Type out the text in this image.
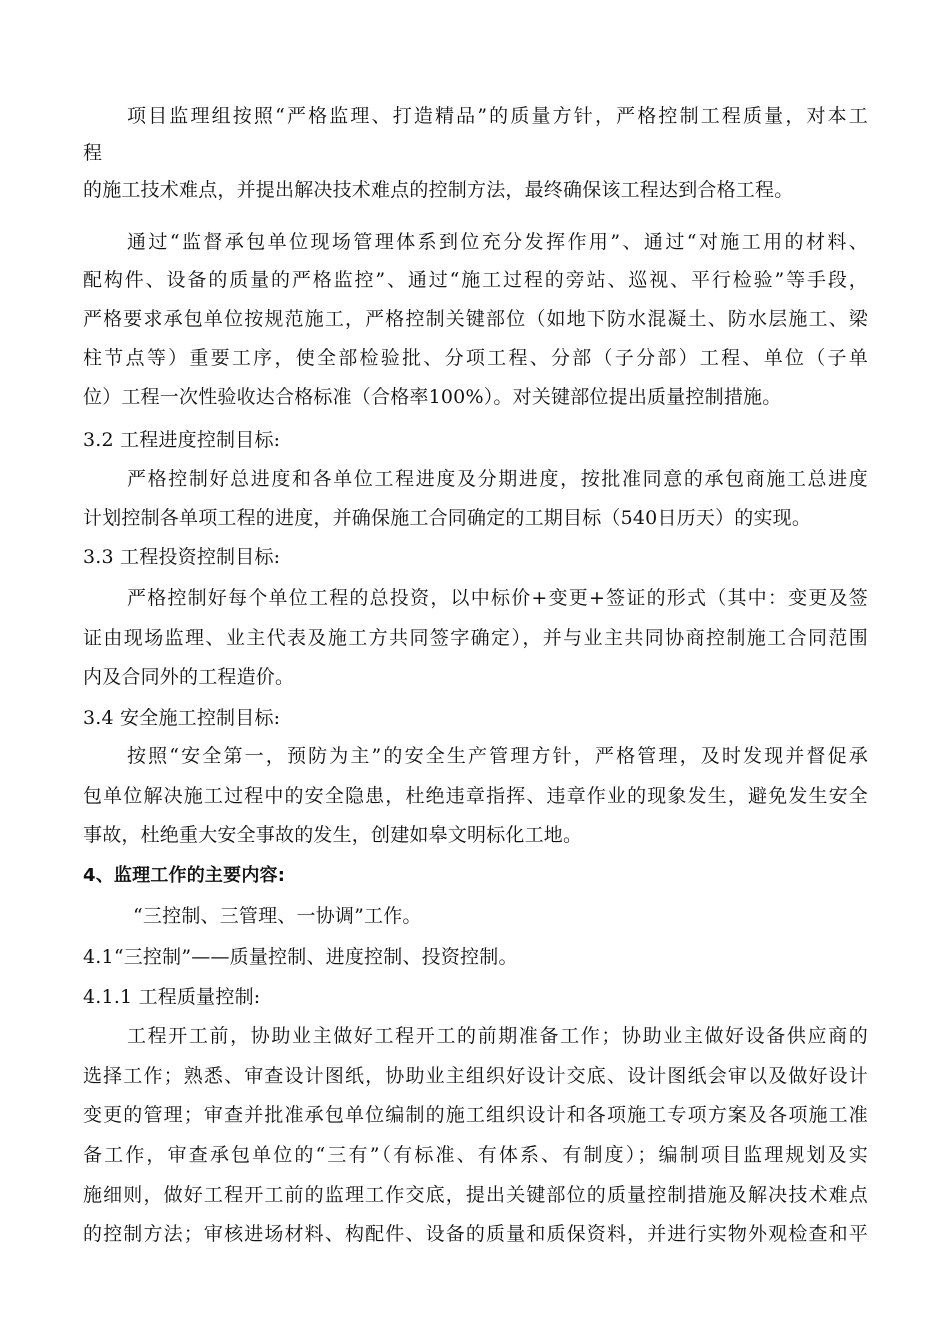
项目监理组按照“严格监理、打造精品”的质量方针，严格控制工程质量，对本工
程
的施工技术难点，并提出解决技术难点的控制方法，最终确保该工程达到合格工程。
通过“监督承包单位现场管理体系到位充分发挥作用”、通过“对施工用的材料、
配构件、设备的质量的严格监控”、通过“施工过程的旁站、巡视、平行检验”等手段，
严格要求承包单位按规范施工，严格控制关键部位（如地下防水混凝土、防水层施工、梁
柱节点等）重要工序，使全部检验批、分项工程、分部（子分部）工程、单位（子单
位）工程一次性验收达合格标准（合格率100%）。对关键部位提出质量控制措施。
3.2 工程进度控制目标:
严格控制好总进度和各单位工程进度及分期进度，按批准同意的承包商施工总进度
计划控制各单项工程的进度，并确保施工合同确定的工期目标（540日历天）的实现。
3.3 工程投资控制目标:
严格控制好每个单位工程的总投资，以中标价+变更+签证的形式（其中：变更及签
证由现场监理、业主代表及施工方共同签字确定），并与业主共同协商控制施工合同范围
内及合同外的工程造价。
3.4 安全施工控制目标:
按照“安全第一，预防为主”的安全生产管理方针，严格管理，及时发现并督促承
包单位解决施工过程中的安全隐患，杜绝违章指挥、违章作业的现象发生，避免发生安全
事故，杜绝重大安全事故的发生，创建如皋文明标化工地。
4、监理工作的主要内容:
“三控制、三管理、一协调”工作。
4.1“三控制”——质量控制、进度控制、投资控制。
4.1.1 工程质量控制:
工程开工前，协助业主做好工程开工的前期准备工作；协助业主做好设备供应商的
选择工作；熟悉、审查设计图纸，协助业主组织好设计交底、设计图纸会审以及做好设计
变更的管理；审查并批准承包单位编制的施工组织设计和各项施工专项方案及各项施工准
备工作，审查承包单位的“三有”（有标准、有体系、有制度）；编制项目监理规划及实
施细则，做好工程开工前的监理工作交底，提出关键部位的质量控制措施及解决技术难点
的控制方法；审核进场材料、构配件、设备的质量和质保资料，并进行实物外观检查和平
